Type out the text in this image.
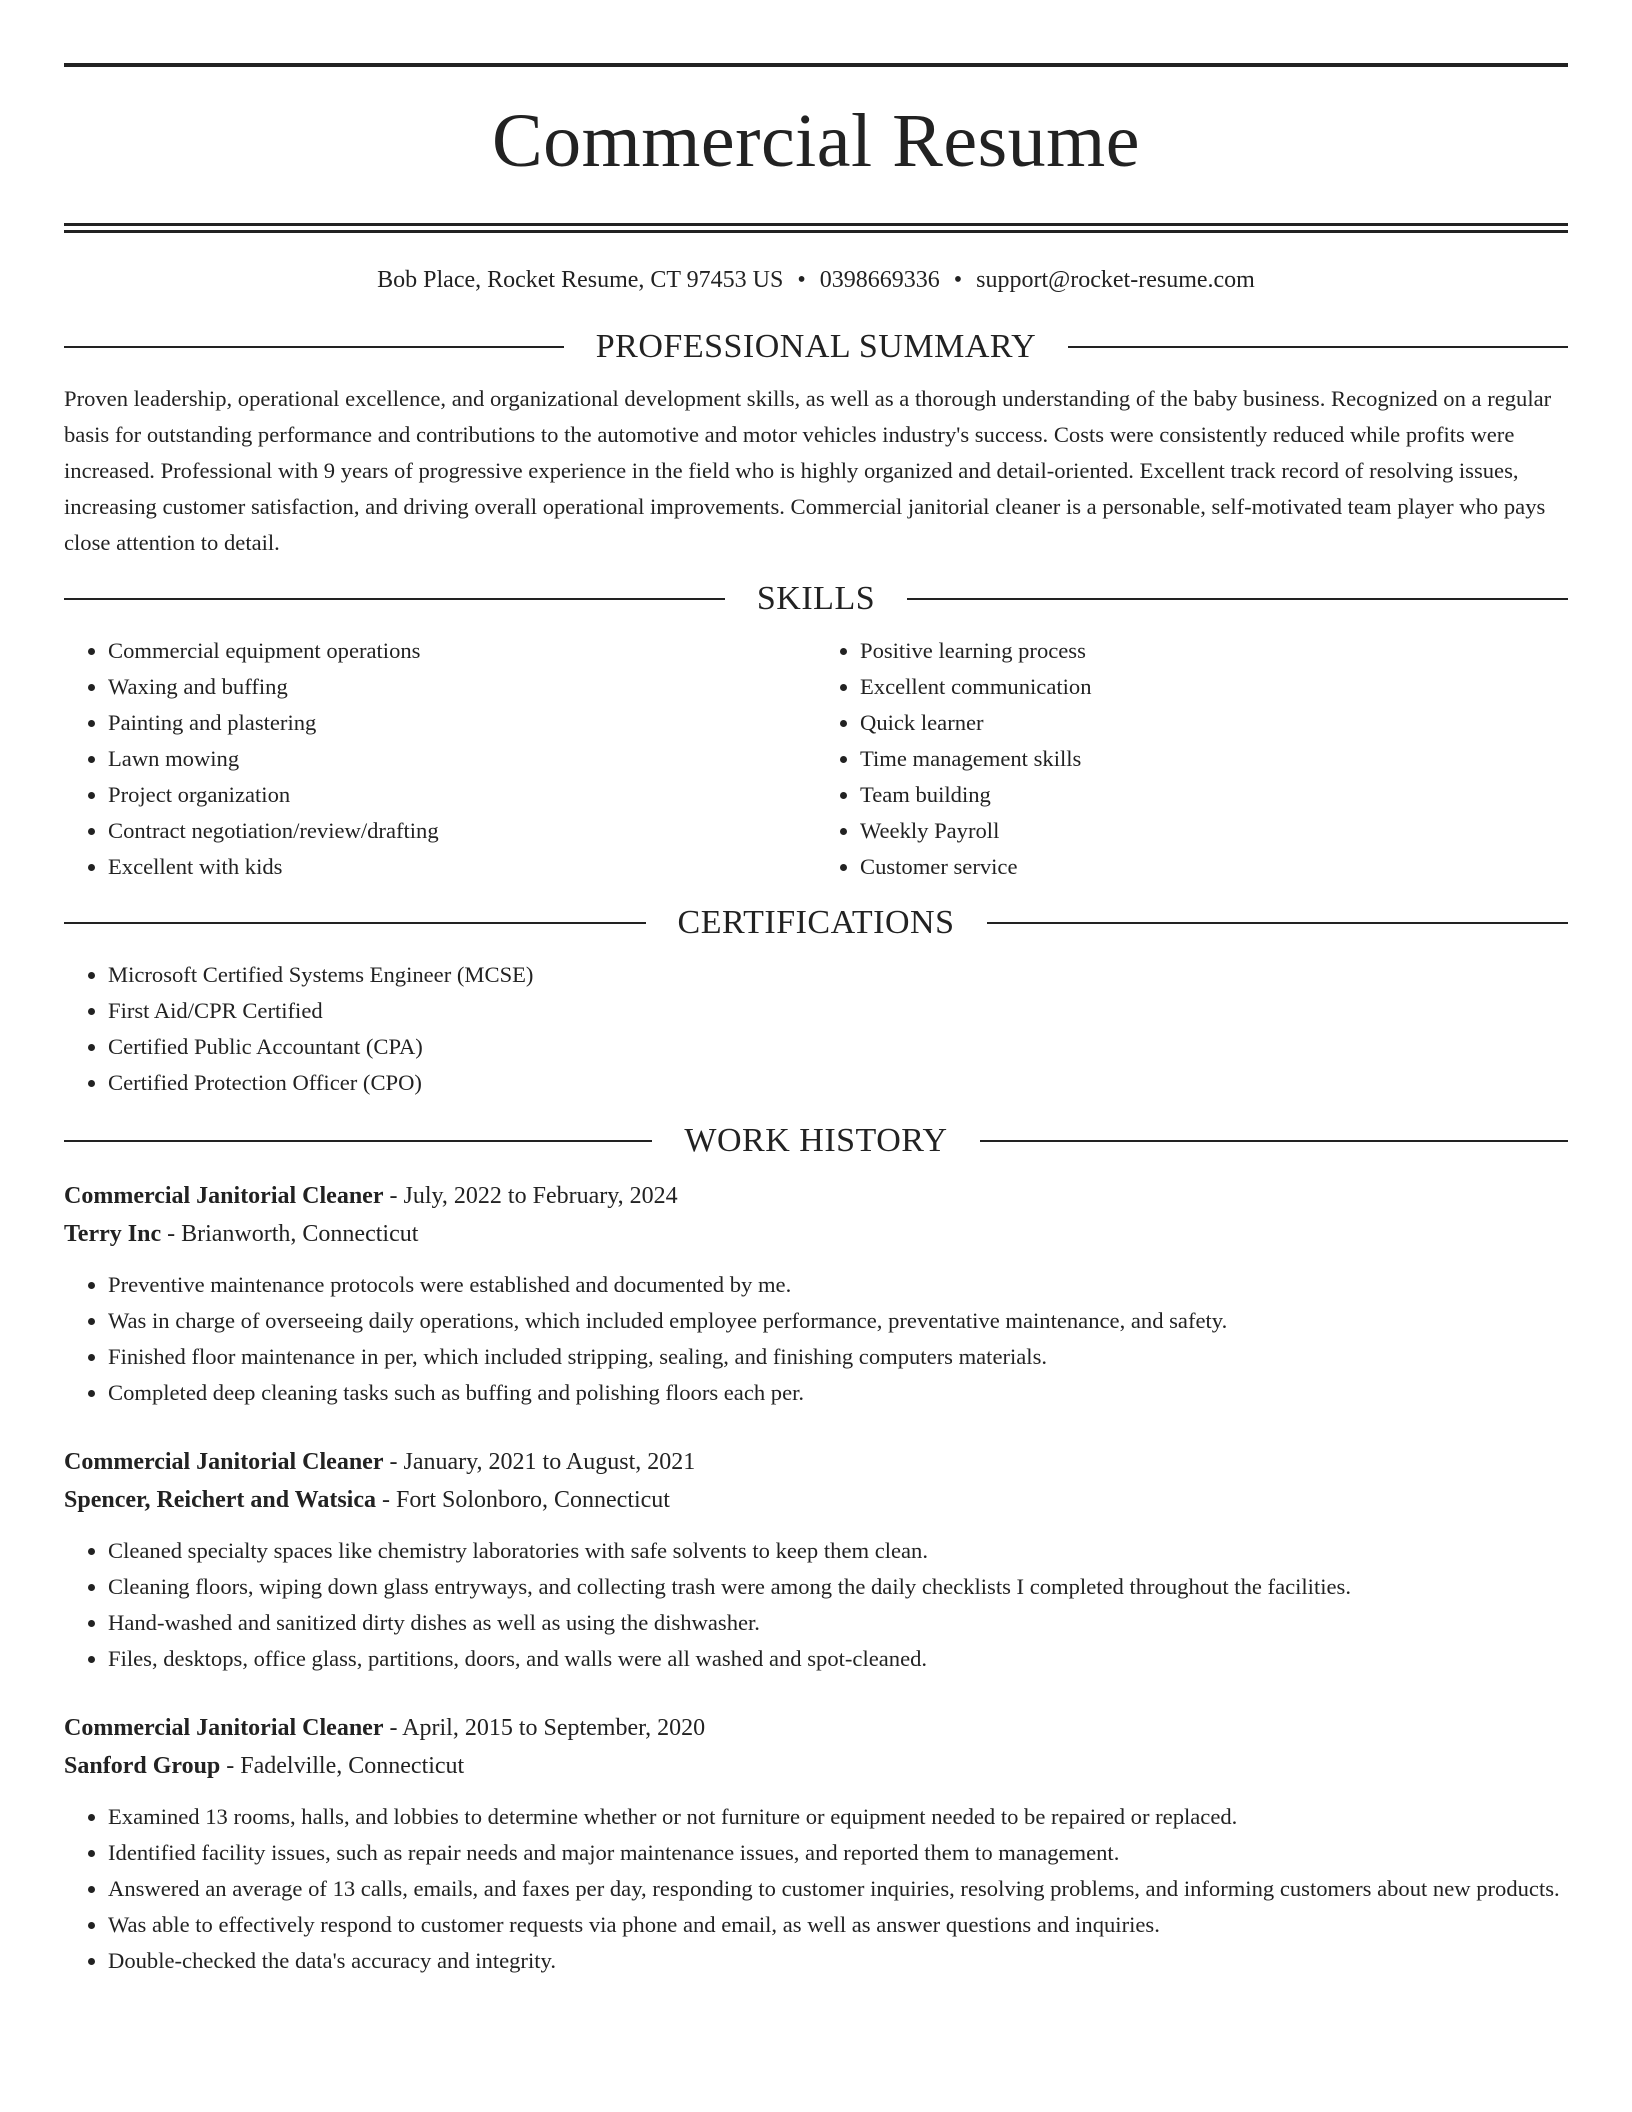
Commercial Resume
Bob Place, Rocket Resume, CT 97453 US • 0398669336 • support@rocket-resume.com
PROFESSIONAL SUMMARY

Proven leadership, operational excellence, and organizational development skills, as well as a thorough understanding of the baby business. Recognized on a regular basis for outstanding performance and contributions to the automotive and motor vehicles industry's success. Costs were consistently reduced while profits were increased. Professional with 9 years of progressive experience in the field who is highly organized and detail-oriented. Excellent track record of resolving issues, increasing customer satisfaction, and driving overall operational improvements. Commercial janitorial cleaner is a personable, self-motivated team player who pays close attention to detail.

SKILLS
• Commercial equipment operations
• Waxing and buffing
• Painting and plastering
• Lawn mowing
• Project organization
• Contract negotiation/review/drafting
• Excellent with kids
• Positive learning process
• Excellent communication
• Quick learner
• Time management skills
• Team building
• Weekly Payroll
• Customer service
CERTIFICATIONS
• Microsoft Certified Systems Engineer (MCSE)
• First Aid/CPR Certified
• Certified Public Accountant (CPA)
• Certified Protection Officer (CPO)
WORK HISTORY
Commercial Janitorial Cleaner - July, 2022 to February, 2024
Terry Inc - Brianworth, Connecticut
• Preventive maintenance protocols were established and documented by me.
• Was in charge of overseeing daily operations, which included employee performance, preventative maintenance, and safety.
• Finished floor maintenance in per, which included stripping, sealing, and finishing computers materials.
• Completed deep cleaning tasks such as buffing and polishing floors each per.
Commercial Janitorial Cleaner - January, 2021 to August, 2021
Spencer, Reichert and Watsica - Fort Solonboro, Connecticut
• Cleaned specialty spaces like chemistry laboratories with safe solvents to keep them clean.
• Cleaning floors, wiping down glass entryways, and collecting trash were among the daily checklists I completed throughout the facilities.
• Hand-washed and sanitized dirty dishes as well as using the dishwasher.
• Files, desktops, office glass, partitions, doors, and walls were all washed and spot-cleaned.
Commercial Janitorial Cleaner - April, 2015 to September, 2020
Sanford Group - Fadelville, Connecticut
• Examined 13 rooms, halls, and lobbies to determine whether or not furniture or equipment needed to be repaired or replaced.
• Identified facility issues, such as repair needs and major maintenance issues, and reported them to management.
• Answered an average of 13 calls, emails, and faxes per day, responding to customer inquiries, resolving problems, and informing customers about new products.
• Was able to effectively respond to customer requests via phone and email, as well as answer questions and inquiries.
• Double-checked the data's accuracy and integrity.
